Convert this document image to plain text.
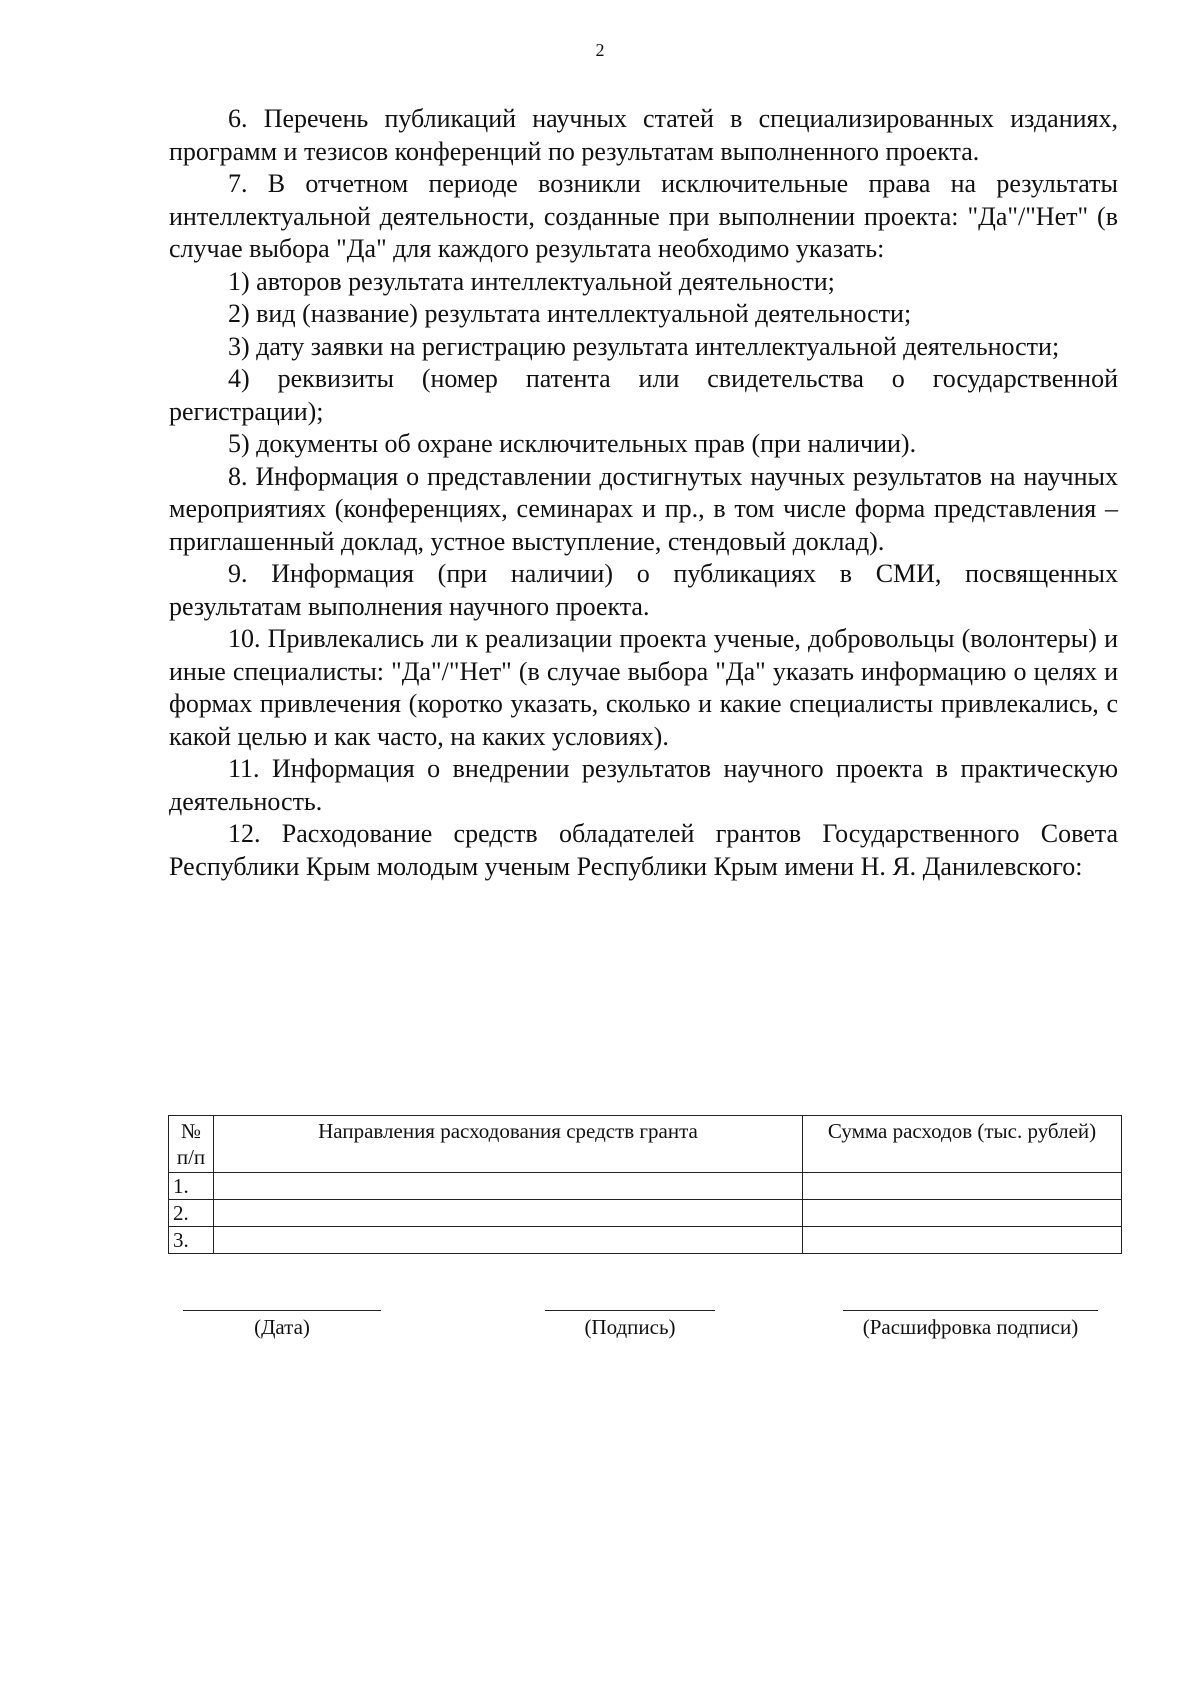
2

6. Перечень публикаций научных статей в специализированных изданиях, программ и тезисов конференций по результатам выполненного проекта.

7. В отчетном периоде возникли исключительные права на результаты интеллектуальной деятельности, созданные при выполнении проекта: "Да"/"Нет" (в случае выбора "Да" для каждого результата необходимо указать:

1) авторов результата интеллектуальной деятельности;

2) вид (название) результата интеллектуальной деятельности;

3) дату заявки на регистрацию результата интеллектуальной деятельности;

4) реквизиты (номер патента или свидетельства о государственной регистрации);

5) документы об охране исключительных прав (при наличии).

8. Информация о представлении достигнутых научных результатов на научных мероприятиях (конференциях, семинарах и пр., в том числе форма представления – приглашенный доклад, устное выступление, стендовый доклад).

9. Информация (при наличии) о публикациях в СМИ, посвященных результатам выполнения научного проекта.

10. Привлекались ли к реализации проекта ученые, добровольцы (волонтеры) и иные специалисты: "Да"/"Нет" (в случае выбора "Да" указать информацию о целях и формах привлечения (коротко указать, сколько и какие специалисты привлекались, с какой целью и как часто, на каких условиях).

11. Информация о внедрении результатов научного проекта в практическую деятельность.

12. Расходование средств обладателей грантов Государственного Совета Республики Крым молодым ученым Республики Крым имени Н. Я. Данилевского:

№ п/п	Направления расходования средств гранта	Сумма расходов (тыс. рублей)
1.		
2.		
3.		
(Дата)	(Подпись)	(Расшифровка подписи)
